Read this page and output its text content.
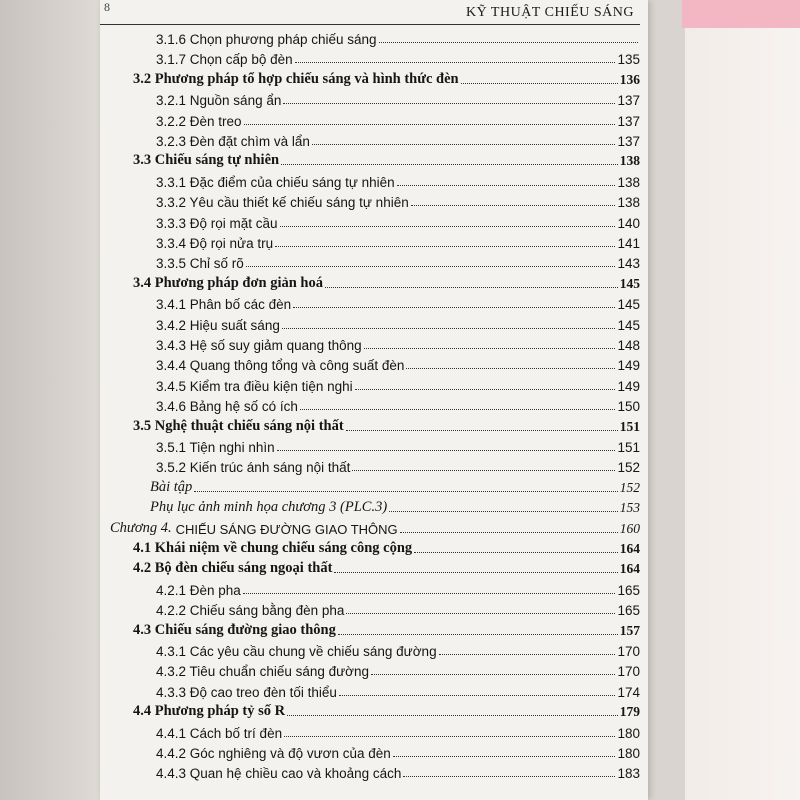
8	KỸ THUẬT CHIẾU SÁNG
3.1.6 Chọn phương pháp chiếu sáng
3.1.7 Chọn cấp bộ đèn	135
3.2 Phương pháp tổ hợp chiếu sáng và hình thức đèn	136
3.2.1 Nguồn sáng ẩn	137
3.2.2 Đèn treo	137
3.2.3 Đèn đặt chìm và lẩn	137
3.3 Chiếu sáng tự nhiên	138
3.3.1 Đặc điểm của chiếu sáng tự nhiên	138
3.3.2 Yêu cầu thiết kế chiếu sáng tự nhiên	138
3.3.3 Độ rọi mặt cầu	140
3.3.4 Độ rọi nửa trụ	141
3.3.5 Chỉ số rõ	143
3.4 Phương pháp đơn giản hoá	145
3.4.1 Phân bố các đèn	145
3.4.2 Hiệu suất sáng	145
3.4.3 Hệ số suy giảm quang thông	148
3.4.4 Quang thông tổng và công suất đèn	149
3.4.5 Kiểm tra điều kiện tiện nghi	149
3.4.6 Bảng hệ số có ích	150
3.5 Nghệ thuật chiếu sáng nội thất	151
3.5.1 Tiện nghi nhìn	151
3.5.2 Kiến trúc ánh sáng nội thất	152
Bài tập	152
Phụ lục ảnh minh họa chương 3 (PLC.3)	153
Chương 4. CHIẾU SÁNG ĐƯỜNG GIAO THÔNG	160
4.1 Khái niệm về chung chiếu sáng công cộng	164
4.2 Bộ đèn chiếu sáng ngoại thất	164
4.2.1 Đèn pha	165
4.2.2 Chiếu sáng bằng đèn pha	165
4.3 Chiếu sáng đường giao thông	157
4.3.1 Các yêu cầu chung về chiếu sáng đường	170
4.3.2 Tiêu chuẩn chiếu sáng đường	170
4.3.3 Độ cao treo đèn tối thiểu	174
4.4 Phương pháp tỷ số R	179
4.4.1 Cách bố trí đèn	180
4.4.2 Góc nghiêng và độ vươn của đèn	180
4.4.3 Quan hệ chiều cao và khoảng cách	183
